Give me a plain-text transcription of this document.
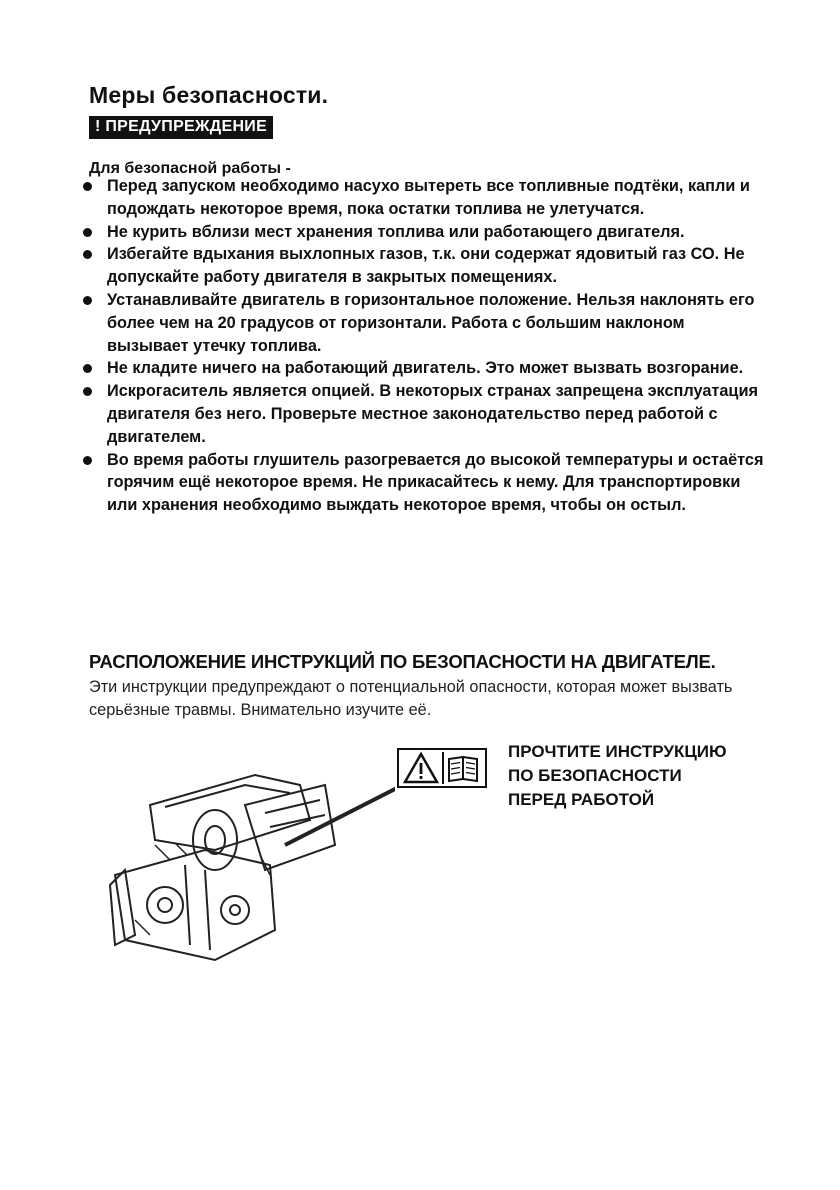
Меры безопасности.
! ПРЕДУПРЕЖДЕНИЕ

Для безопасной работы -

Перед запуском необходимо насухо вытереть все топливные подтёки, капли и подождать некоторое время, пока остатки топлива не улетучатся.
Не курить вблизи мест хранения топлива или работающего двигателя.
Избегайте вдыхания выхлопных газов, т.к. они содержат ядовитый газ СО. Не допускайте работу двигателя в закрытых помещениях.
Устанавливайте двигатель в горизонтальное положение. Нельзя наклонять его более чем на 20 градусов от горизонтали. Работа с большим наклоном вызывает утечку топлива.
Не кладите ничего на работающий двигатель. Это может вызвать возгорание.
Искрогаситель является опцией. В некоторых странах запрещена эксплуатация двигателя без него. Проверьте местное законодательство перед работой с двигателем.
Во время работы глушитель разогревается до высокой температуры и остаётся горячим ещё некоторое время. Не прикасайтесь к нему. Для транспортировки или хранения необходимо выждать некоторое время, чтобы он остыл.
РАСПОЛОЖЕНИЕ ИНСТРУКЦИЙ ПО БЕЗОПАСНОСТИ НА ДВИГАТЕЛЕ.

Эти инструкции предупреждают о потенциальной опасности, которая может вызвать серьёзные травмы. Внимательно изучите её.

ПРОЧТИТЕ ИНСТРУКЦИЮ
ПО БЕЗОПАСНОСТИ
ПЕРЕД РАБОТОЙ
